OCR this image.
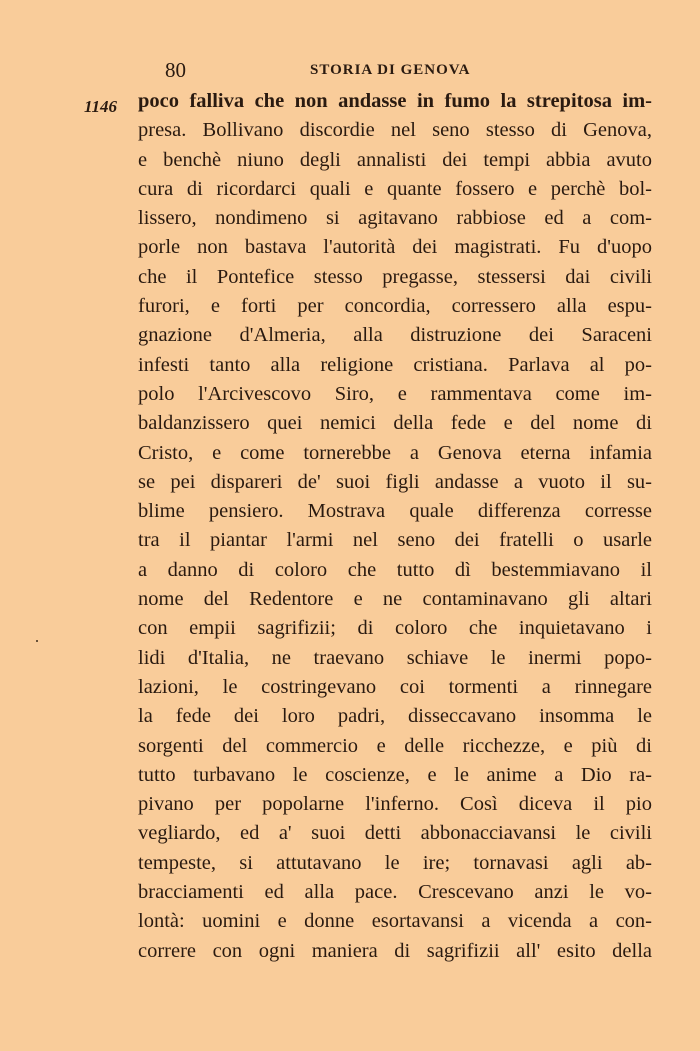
80	STORIA DI GENOVA
1146 poco falliva che non andasse in fumo la strepitosa im-
presa. Bollivano discordie nel seno stesso di Genova,
e benchè niuno degli annalisti dei tempi abbia avuto
cura di ricordarci quali e quante fossero e perchè bol-
lissero, nondimeno si agitavano rabbiose ed a com-
porle non bastava l'autorità dei magistrati. Fu d'uopo
che il Pontefice stesso pregasse, stessersi dai civili
furori, e forti per concordia, corressero alla espu-
gnazione d'Almeria, alla distruzione dei Saraceni
infesti tanto alla religione cristiana. Parlava al po-
polo l'Arcivescovo Siro, e rammentava come im-
baldanzissero quei nemici della fede e del nome di
Cristo, e come tornerebbe a Genova eterna infamia
se pei dispareri de' suoi figli andasse a vuoto il su-
blime pensiero. Mostrava quale differenza corresse
tra il piantar l'armi nel seno dei fratelli o usarle
a danno di coloro che tutto dì bestemmiavano il
nome del Redentore e ne contaminavano gli altari
con empii sagrifizii; di coloro che inquietavano i
lidi d'Italia, ne traevano schiave le inermi popo-
lazioni, le costringevano coi tormenti a rinnegare
la fede dei loro padri, disseccavano insomma le
sorgenti del commercio e delle ricchezze, e più di
tutto turbavano le coscienze, e le anime a Dio ra-
pivano per popolarne l'inferno. Così diceva il pio
vegliardo, ed a' suoi detti abbonacciavansi le civili
tempeste, si attutavano le ire; tornavasi agli ab-
bracciamenti ed alla pace. Crescevano anzi le vo-
lontà: uomini e donne esortavansi a vicenda a con-
correre con ogni maniera di sagrifizii all' esito della
